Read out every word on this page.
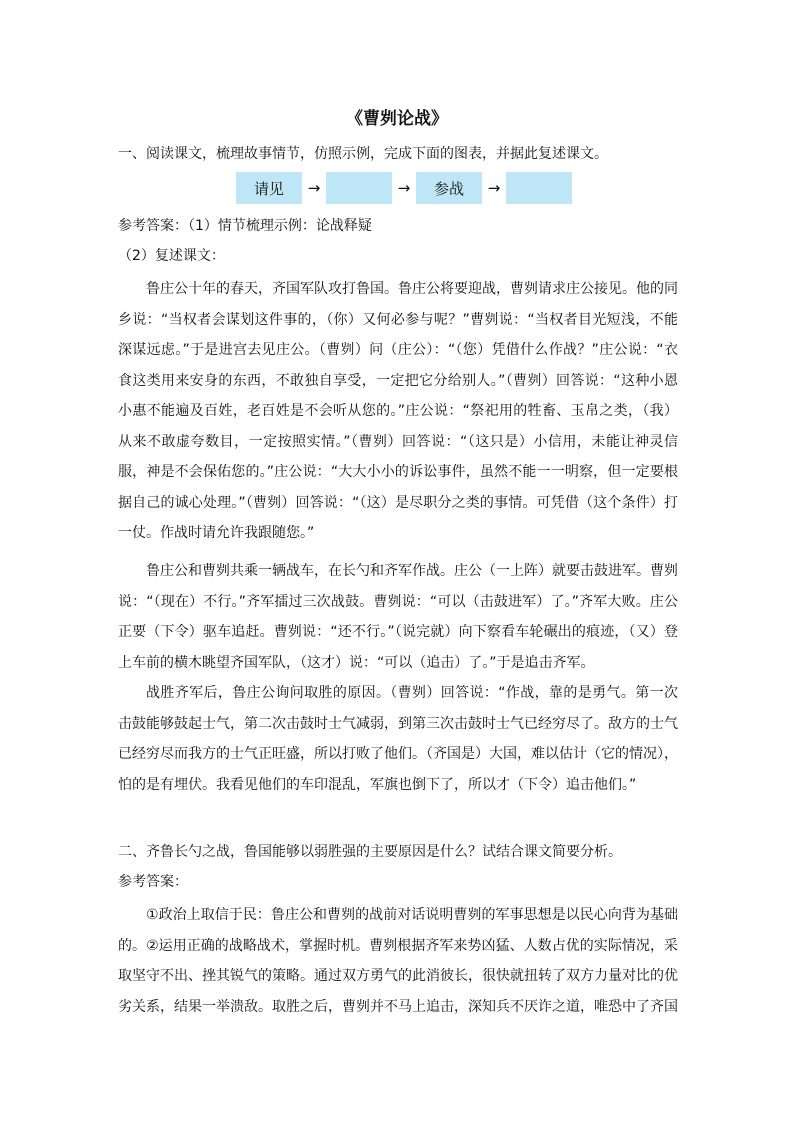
《曹刿论战》
一、阅读课文，梳理故事情节，仿照示例，完成下面的图表，并据此复述课文。
请见	→	→	参战	→
参考答案：（1）情节梳理示例：论战释疑
（2）复述课文：
鲁庄公十年的春天，齐国军队攻打鲁国。鲁庄公将要迎战，曹刿请求庄公接见。他的同乡说：“当权者会谋划这件事的，（你）又何必参与呢？”曹刿说：“当权者目光短浅，不能深谋远虑。”于是进宫去见庄公。（曹刿）问（庄公）：“（您）凭借什么作战？”庄公说：“衣食这类用来安身的东西，不敢独自享受，一定把它分给别人。”（曹刿）回答说：“这种小恩小惠不能遍及百姓，老百姓是不会听从您的。”庄公说：“祭祀用的牲畜、玉帛之类，（我）从来不敢虚夸数目，一定按照实情。”（曹刿）回答说：“（这只是）小信用，未能让神灵信服，神是不会保佑您的。”庄公说：“大大小小的诉讼事件，虽然不能一一明察，但一定要根据自己的诚心处理。”（曹刿）回答说：“（这）是尽职分之类的事情。可凭借（这个条件）打一仗。作战时请允许我跟随您。”
鲁庄公和曹刿共乘一辆战车，在长勺和齐军作战。庄公（一上阵）就要击鼓进军。曹刿说：“（现在）不行。”齐军擂过三次战鼓。曹刿说：“可以（击鼓进军）了。”齐军大败。庄公正要（下令）驱车追赶。曹刿说：“还不行。”（说完就）向下察看车轮碾出的痕迹，（又）登上车前的横木眺望齐国军队，（这才）说：“可以（追击）了。”于是追击齐军。
战胜齐军后，鲁庄公询问取胜的原因。（曹刿）回答说：“作战，靠的是勇气。第一次击鼓能够鼓起士气，第二次击鼓时士气减弱，到第三次击鼓时士气已经穷尽了。敌方的士气已经穷尽而我方的士气正旺盛，所以打败了他们。（齐国是）大国，难以估计（它的情况），怕的是有埋伏。我看见他们的车印混乱，军旗也倒下了，所以才（下令）追击他们。”
二、齐鲁长勺之战，鲁国能够以弱胜强的主要原因是什么？试结合课文简要分析。
参考答案：
①政治上取信于民：鲁庄公和曹刿的战前对话说明曹刿的军事思想是以民心向背为基础的。②运用正确的战略战术，掌握时机。曹刿根据齐军来势凶猛、人数占优的实际情况，采取坚守不出、挫其锐气的策略。通过双方勇气的此消彼长，很快就扭转了双方力量对比的优劣关系，结果一举溃敌。取胜之后，曹刿并不马上追击，深知兵不厌诈之道，唯恐中了齐国
